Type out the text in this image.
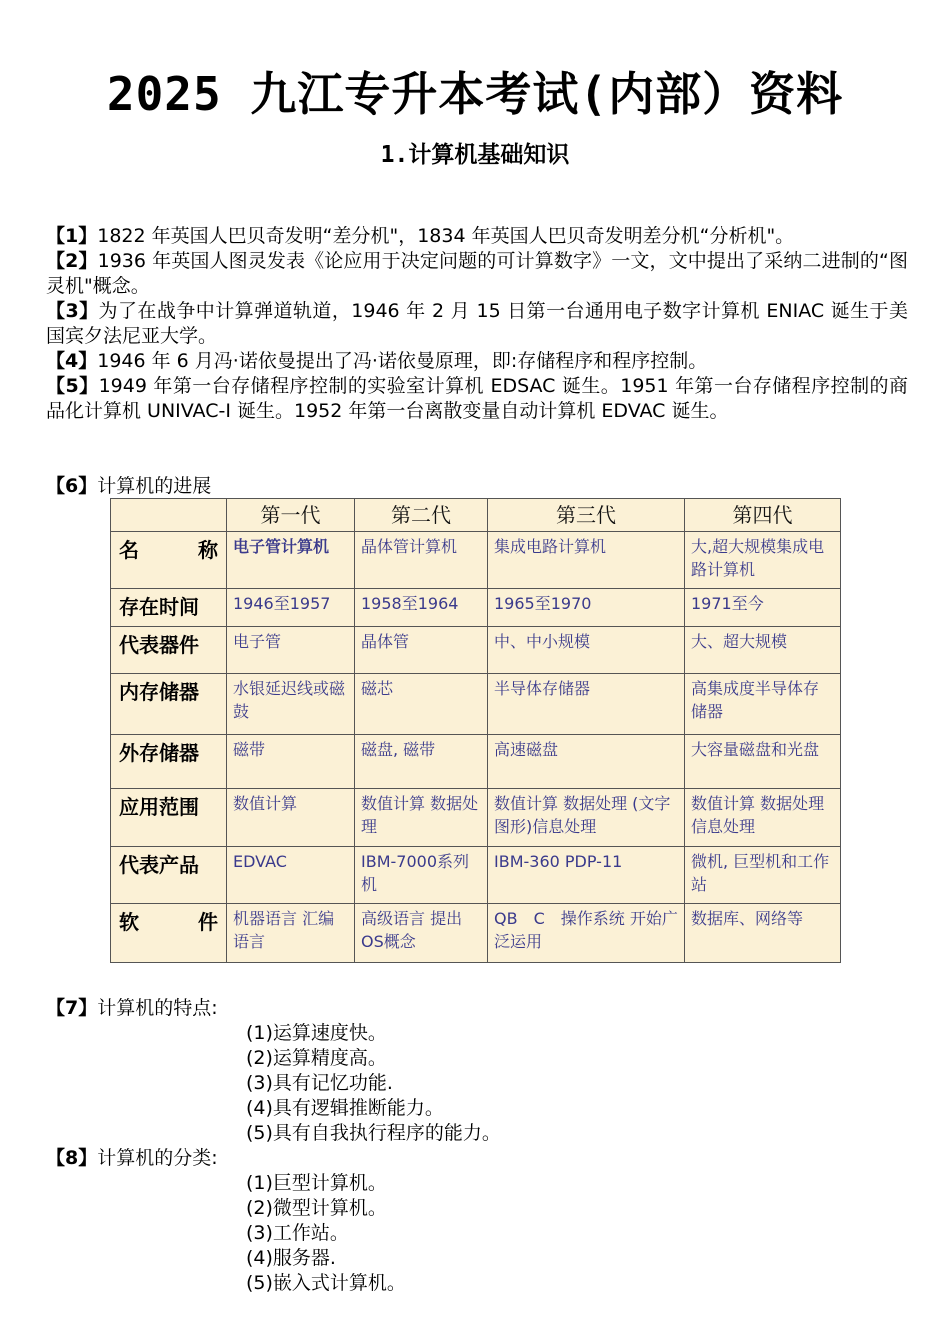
2025 九江专升本考试(内部）资料
1.计算机基础知识

【1】1822 年英国人巴贝奇发明“差分机"，1834 年英国人巴贝奇发明差分机“分析机"。

【2】1936 年英国人图灵发表《论应用于决定问题的可计算数字》一文，文中提出了采纳二进制的“图灵机"概念。

【3】为了在战争中计算弹道轨道，1946 年 2 月 15 日第一台通用电子数字计算机 ENIAC 诞生于美国宾夕法尼亚大学。

【4】1946 年 6 月冯·诺依曼提出了冯·诺依曼原理，即:存储程序和程序控制。

【5】1949 年第一台存储程序控制的实验室计算机 EDSAC 诞生。1951 年第一台存储程序控制的商品化计算机 UNIVAC-I 诞生。1952 年第一台离散变量自动计算机 EDVAC 诞生。

【6】计算机的进展

	第一代	第二代	第三代	第四代

名 称	电子管计算机	晶体管计算机	集成电路计算机	大,超大规模集成电路计算机
存在时间	1946至1957	1958至1964	1965至1970	1971至今
代表器件	电子管	晶体管	中、中小规模	大、超大规模
内存储器	水银延迟线或磁鼓	磁芯	半导体存储器	高集成度半导体存储器
外存储器	磁带	磁盘, 磁带	高速磁盘	大容量磁盘和光盘
应用范围	数值计算	数值计算 数据处理	数值计算 数据处理 (文字图形)信息处理	数值计算 数据处理 信息处理
代表产品	EDVAC	IBM-7000系列机	IBM-360 PDP-11	微机, 巨型机和工作站

软 件	机器语言 汇编语言	高级语言 提出OS概念	QB　C　操作系统 开始广泛运用	数据库、网络等

【7】计算机的特点:

(1)运算速度快。
(2)运算精度高。
(3)具有记忆功能.
(4)具有逻辑推断能力。
(5)具有自我执行程序的能力。

【8】计算机的分类:

(1)巨型计算机。
(2)微型计算机。
(3)工作站。
(4)服务器.
(5)嵌入式计算机。
